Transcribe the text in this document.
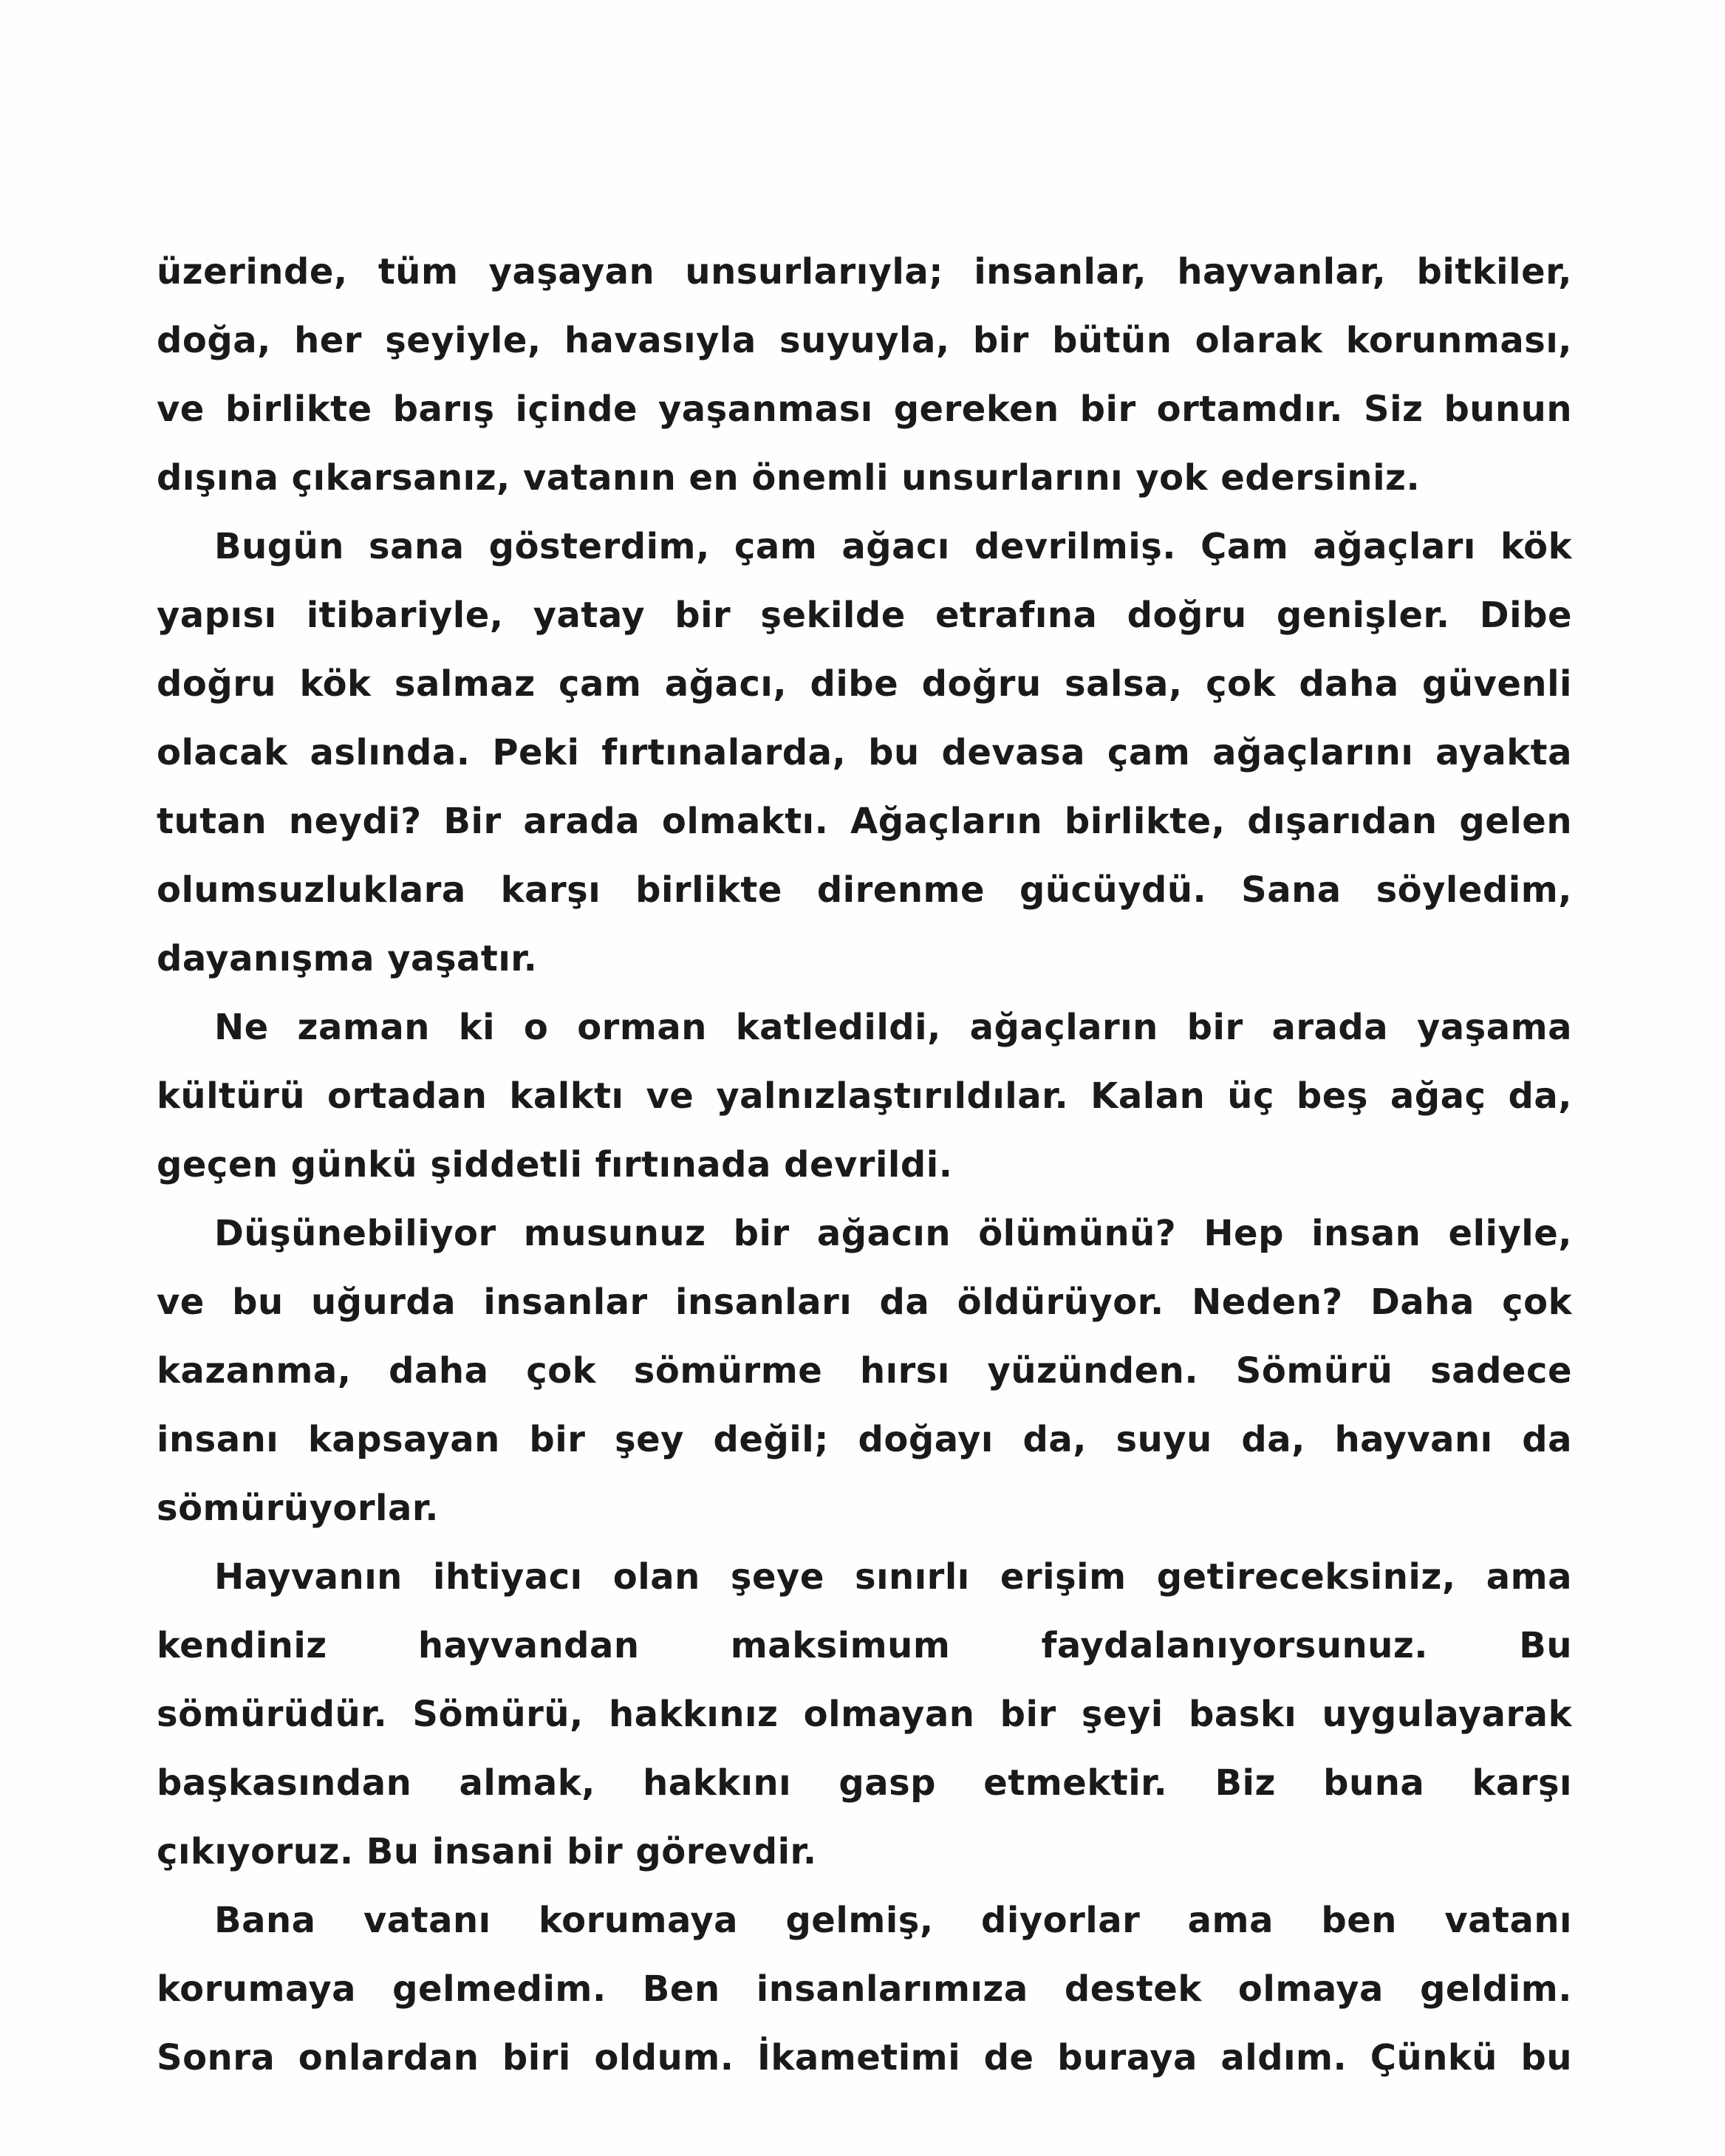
üzerinde, tüm yaşayan unsurlarıyla; insanlar, hayvanlar, bitkiler,
doğa, her şeyiyle, havasıyla suyuyla, bir bütün olarak korunması,
ve birlikte barış içinde yaşanması gereken bir ortamdır. Siz bunun
dışına çıkarsanız, vatanın en önemli unsurlarını yok edersiniz.
Bugün sana gösterdim, çam ağacı devrilmiş. Çam ağaçları kök
yapısı itibariyle, yatay bir şekilde etrafına doğru genişler. Dibe
doğru kök salmaz çam ağacı, dibe doğru salsa, çok daha güvenli
olacak aslında. Peki fırtınalarda, bu devasa çam ağaçlarını ayakta
tutan neydi? Bir arada olmaktı. Ağaçların birlikte, dışarıdan gelen
olumsuzluklara karşı birlikte direnme gücüydü. Sana söyledim,
dayanışma yaşatır.
Ne zaman ki o orman katledildi, ağaçların bir arada yaşama
kültürü ortadan kalktı ve yalnızlaştırıldılar. Kalan üç beş ağaç da,
geçen günkü şiddetli fırtınada devrildi.
Düşünebiliyor musunuz bir ağacın ölümünü? Hep insan eliyle,
ve bu uğurda insanlar insanları da öldürüyor. Neden? Daha çok
kazanma, daha çok sömürme hırsı yüzünden. Sömürü sadece
insanı kapsayan bir şey değil; doğayı da, suyu da, hayvanı da
sömürüyorlar.
Hayvanın ihtiyacı olan şeye sınırlı erişim getireceksiniz, ama
kendiniz hayvandan maksimum faydalanıyorsunuz. Bu
sömürüdür. Sömürü, hakkınız olmayan bir şeyi baskı uygulayarak
başkasından almak, hakkını gasp etmektir. Biz buna karşı
çıkıyoruz. Bu insani bir görevdir.
Bana vatanı korumaya gelmiş, diyorlar ama ben vatanı
korumaya gelmedim. Ben insanlarımıza destek olmaya geldim.
Sonra onlardan biri oldum. İkametimi de buraya aldım. Çünkü bu
